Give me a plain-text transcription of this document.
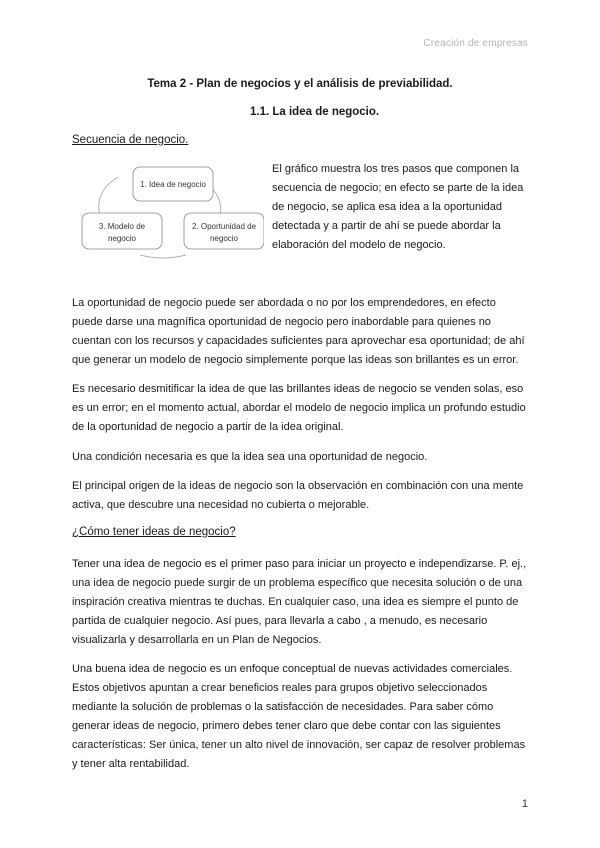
Creación de empresas
Tema 2 - Plan de negocios y el análisis de previabilidad.
1.1. La idea de negocio.
Secuencia de negocio.
1. Idea de negocio
3. Modelo de
negocio
2. Oportunidad de
negocio

El gráfico muestra los tres pasos que componen la secuencia de negocio; en efecto se parte de la idea de negocio, se aplica esa idea a la oportunidad detectada y a partir de ahí se puede abordar la elaboración del modelo de negocio.

La oportunidad de negocio puede ser abordada o no por los emprendedores, en efecto puede darse una magnífica oportunidad de negocio pero inabordable para quienes no cuentan con los recursos y capacidades suficientes para aprovechar esa oportunidad; de ahí que generar un modelo de negocio simplemente porque las ideas son brillantes es un error.

Es necesario desmitificar la idea de que las brillantes ideas de negocio se venden solas, eso es un error; en el momento actual, abordar el modelo de negocio implica un profundo estudio de la oportunidad de negocio a partir de la idea original.

Una condición necesaria es que la idea sea una oportunidad de negocio.

El principal origen de la ideas de negocio son la observación en combinación con una mente activa, que descubre una necesidad no cubierta o mejorable.

¿Cómo tener ideas de negocio?

Tener una idea de negocio es el primer paso para iniciar un proyecto e independizarse. P. ej., una idea de negocio puede surgir de un problema específico que necesita solución o de una inspiración creativa mientras te duchas. En cualquier caso, una idea es siempre el punto de partida de cualquier negocio. Así pues, para llevarla a cabo , a menudo, es necesario visualizarla y desarrollarla en un Plan de Negocios.

Una buena idea de negocio es un enfoque conceptual de nuevas actividades comerciales. Estos objetivos apuntan a crear beneficios reales para grupos objetivo seleccionados mediante la solución de problemas o la satisfacción de necesidades. Para saber cómo generar ideas de negocio, primero debes tener claro que debe contar con las siguientes características: Ser única, tener un alto nivel de innovación, ser capaz de resolver problemas y tener alta rentabilidad.

1
